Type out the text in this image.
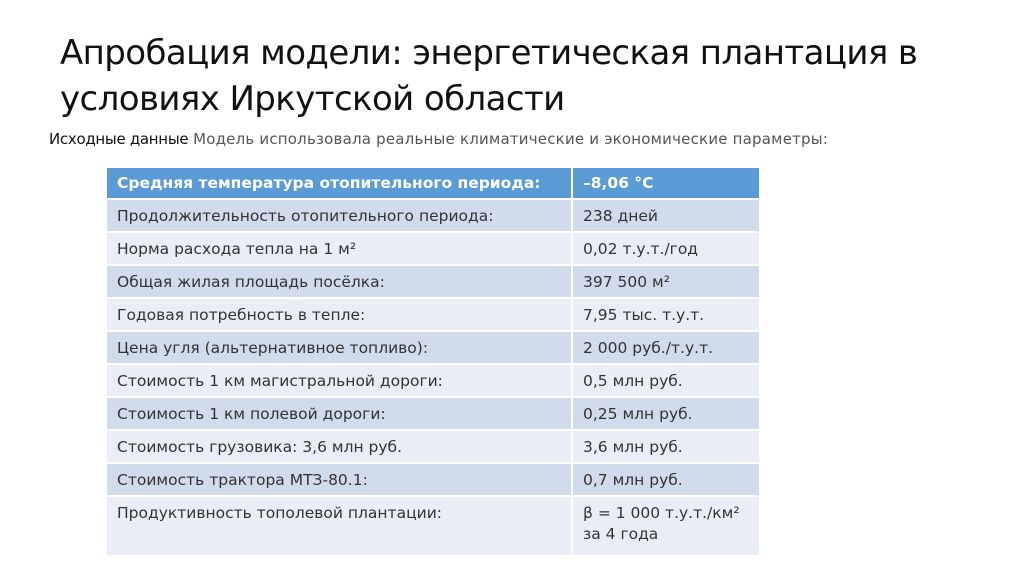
Апробация модели: энергетическая плантация в условиях Иркутской области
Исходные данные Модель использовала реальные климатические и экономические параметры:
Средняя температура отопительного периода:	–8,06 °C
Продолжительность отопительного периода:	238 дней
Норма расхода тепла на 1 м²	0,02 т.у.т./год
Общая жилая площадь посёлка:	397 500 м²
Годовая потребность в тепле:	7,95 тыс. т.у.т.
Цена угля (альтернативное топливо):	2 000 руб./т.у.т.
Стоимость 1 км магистральной дороги:	0,5 млн руб.
Стоимость 1 км полевой дороги:	0,25 млн руб.
Стоимость грузовика: 3,6 млн руб.	3,6 млн руб.
Стоимость трактора МТЗ-80.1:	0,7 млн руб.
Продуктивность тополевой плантации:	β = 1 000 т.у.т./км² за 4 года
